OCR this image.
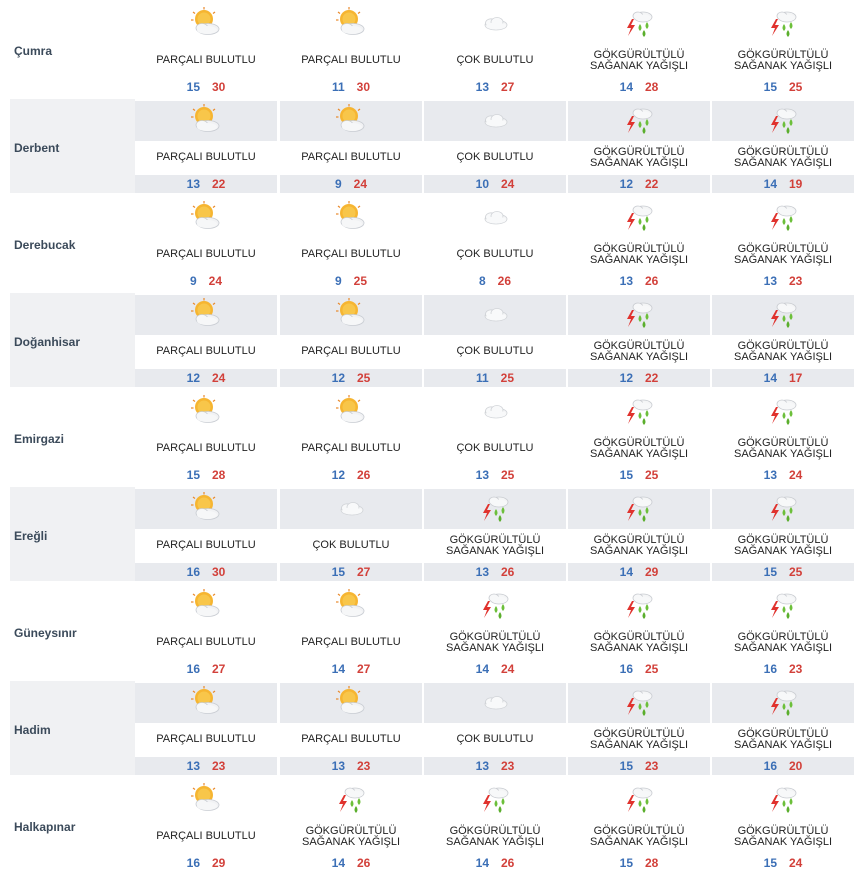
Çumra
PARÇALI BULUTLU
15 30
PARÇALI BULUTLU
11 30
ÇOK BULUTLU
13 27
GÖKGÜRÜLTÜLÜ SAĞANAK YAĞIŞLI
14 28
GÖKGÜRÜLTÜLÜ SAĞANAK YAĞIŞLI
15 25
Derbent
PARÇALI BULUTLU
13 22
PARÇALI BULUTLU
9 24
ÇOK BULUTLU
10 24
GÖKGÜRÜLTÜLÜ SAĞANAK YAĞIŞLI
12 22
GÖKGÜRÜLTÜLÜ SAĞANAK YAĞIŞLI
14 19
Derebucak
PARÇALI BULUTLU
9 24
PARÇALI BULUTLU
9 25
ÇOK BULUTLU
8 26
GÖKGÜRÜLTÜLÜ SAĞANAK YAĞIŞLI
13 26
GÖKGÜRÜLTÜLÜ SAĞANAK YAĞIŞLI
13 23
Doğanhisar
PARÇALI BULUTLU
12 24
PARÇALI BULUTLU
12 25
ÇOK BULUTLU
11 25
GÖKGÜRÜLTÜLÜ SAĞANAK YAĞIŞLI
12 22
GÖKGÜRÜLTÜLÜ SAĞANAK YAĞIŞLI
14 17
Emirgazi
PARÇALI BULUTLU
15 28
PARÇALI BULUTLU
12 26
ÇOK BULUTLU
13 25
GÖKGÜRÜLTÜLÜ SAĞANAK YAĞIŞLI
15 25
GÖKGÜRÜLTÜLÜ SAĞANAK YAĞIŞLI
13 24
Ereğli
PARÇALI BULUTLU
16 30
ÇOK BULUTLU
15 27
GÖKGÜRÜLTÜLÜ SAĞANAK YAĞIŞLI
13 26
GÖKGÜRÜLTÜLÜ SAĞANAK YAĞIŞLI
14 29
GÖKGÜRÜLTÜLÜ SAĞANAK YAĞIŞLI
15 25
Güneysınır
PARÇALI BULUTLU
16 27
PARÇALI BULUTLU
14 27
GÖKGÜRÜLTÜLÜ SAĞANAK YAĞIŞLI
14 24
GÖKGÜRÜLTÜLÜ SAĞANAK YAĞIŞLI
16 25
GÖKGÜRÜLTÜLÜ SAĞANAK YAĞIŞLI
16 23
Hadim
PARÇALI BULUTLU
13 23
PARÇALI BULUTLU
13 23
ÇOK BULUTLU
13 23
GÖKGÜRÜLTÜLÜ SAĞANAK YAĞIŞLI
15 23
GÖKGÜRÜLTÜLÜ SAĞANAK YAĞIŞLI
16 20
Halkapınar
PARÇALI BULUTLU
16 29
GÖKGÜRÜLTÜLÜ SAĞANAK YAĞIŞLI
14 26
GÖKGÜRÜLTÜLÜ SAĞANAK YAĞIŞLI
14 26
GÖKGÜRÜLTÜLÜ SAĞANAK YAĞIŞLI
15 28
GÖKGÜRÜLTÜLÜ SAĞANAK YAĞIŞLI
15 24
